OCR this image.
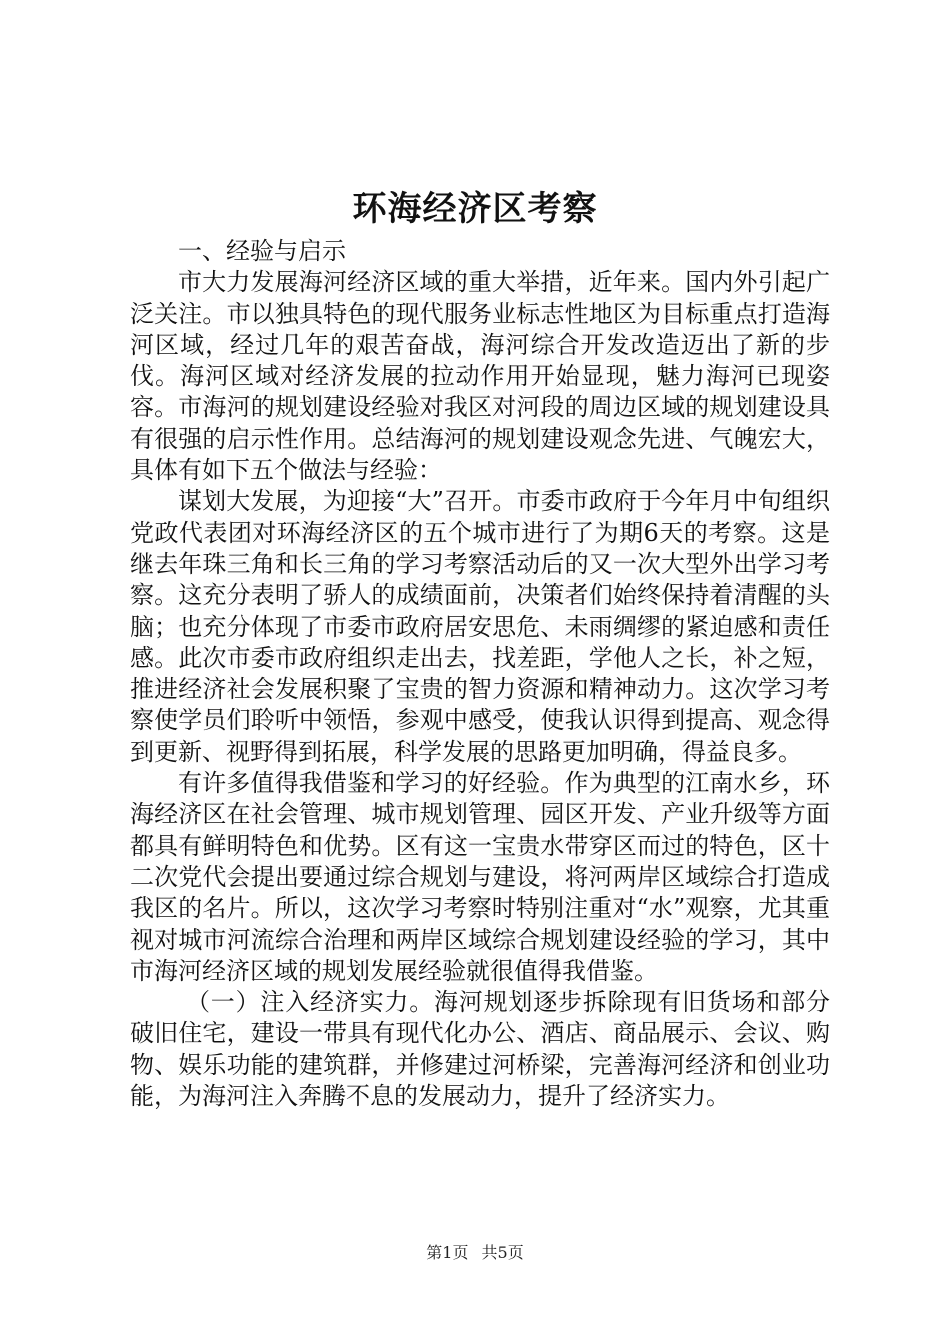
环海经济区考察

一、经验与启示

市大力发展海河经济区域的重大举措，近年来。国内外引起广泛关注。市以独具特色的现代服务业标志性地区为目标重点打造海河区域，经过几年的艰苦奋战，海河综合开发改造迈出了新的步伐。海河区域对经济发展的拉动作用开始显现，魅力海河已现姿容。市海河的规划建设经验对我区对河段的周边区域的规划建设具有很强的启示性作用。总结海河的规划建设观念先进、气魄宏大，具体有如下五个做法与经验：

谋划大发展，为迎接“大”召开。市委市政府于今年月中旬组织党政代表团对环海经济区的五个城市进行了为期6天的考察。这是继去年珠三角和长三角的学习考察活动后的又一次大型外出学习考察。这充分表明了骄人的成绩面前，决策者们始终保持着清醒的头脑；也充分体现了市委市政府居安思危、未雨绸缪的紧迫感和责任感。此次市委市政府组织走出去，找差距，学他人之长，补之短，推进经济社会发展积聚了宝贵的智力资源和精神动力。这次学习考察使学员们聆听中领悟，参观中感受，使我认识得到提高、观念得到更新、视野得到拓展，科学发展的思路更加明确，得益良多。

有许多值得我借鉴和学习的好经验。作为典型的江南水乡，环海经济区在社会管理、城市规划管理、园区开发、产业升级等方面都具有鲜明特色和优势。区有这一宝贵水带穿区而过的特色，区十二次党代会提出要通过综合规划与建设，将河两岸区域综合打造成我区的名片。所以，这次学习考察时特别注重对“水”观察，尤其重视对城市河流综合治理和两岸区域综合规划建设经验的学习，其中市海河经济区域的规划发展经验就很值得我借鉴。

（一）注入经济实力。海河规划逐步拆除现有旧货场和部分破旧住宅，建设一带具有现代化办公、酒店、商品展示、会议、购物、娱乐功能的建筑群，并修建过河桥梁，完善海河经济和创业功能，为海河注入奔腾不息的发展动力，提升了经济实力。

第1页 共5页
